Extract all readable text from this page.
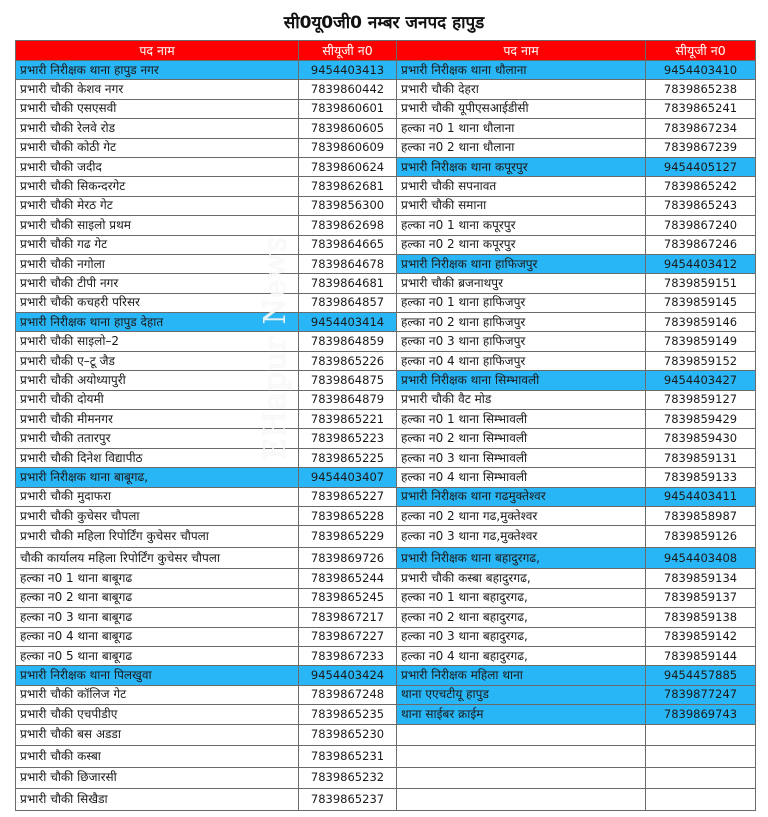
सी0यू0जी0 नम्बर जनपद हापुड
पद नाम	सीयूजी न0	पद नाम	सीयूजी न0
प्रभारी निरीक्षक थाना हापुड नगर	9454403413	प्रभारी निरीक्षक थाना धौलाना	9454403410
प्रभारी चौकी केशव नगर	7839860442	प्रभारी चौकी देहरा	7839865238
प्रभारी चौकी एसएसवी	7839860601	प्रभारी चौकी यूपीएसआईडीसी	7839865241
प्रभारी चौकी रेलवे रोड	7839860605	हल्का न0 1 थाना धौलाना	7839867234
प्रभारी चौकी कोठी गेट	7839860609	हल्का न0 2 थाना धौलाना	7839867239
प्रभारी चौकी जदीद	7839860624	प्रभारी निरीक्षक थाना कपूरपुर	9454405127
प्रभारी चौकी सिकन्दरगेट	7839862681	प्रभारी चौकी सपनावत	7839865242
प्रभारी चौकी मेरठ गेट	7839856300	प्रभारी चौकी समाना	7839865243
प्रभारी चौकी साइलो प्रथम	7839862698	हल्का न0 1 थाना कपूरपुर	7839867240
प्रभारी चौकी गढ गेट	7839864665	हल्का न0 2 थाना कपूरपुर	7839867246
प्रभारी चौकी नगोला	7839864678	प्रभारी निरीक्षक थाना हाफिजपुर	9454403412
प्रभारी चौकी टीपी नगर	7839864681	प्रभारी चौकी ब्रजनाथपुर	7839859151
प्रभारी चौकी कचहरी परिसर	7839864857	हल्का न0 1 थाना हाफिजपुर	7839859145
प्रभारी निरीक्षक थाना हापुड देहात	9454403414	हल्का न0 2 थाना हाफिजपुर	7839859146
प्रभारी चौकी साइलो–2	7839864859	हल्का न0 3 थाना हाफिजपुर	7839859149
प्रभारी चौकी ए–टू जैड	7839865226	हल्का न0 4 थाना हाफिजपुर	7839859152
प्रभारी चौकी अयोध्यापुरी	7839864875	प्रभारी निरीक्षक थाना सिम्भावली	9454403427
प्रभारी चौकी दोयमी	7839864879	प्रभारी चौकी वैट मोड	7839859127
प्रभारी चौकी मीमनगर	7839865221	हल्का न0 1 थाना सिम्भावली	7839859429
प्रभारी चौकी ततारपुर	7839865223	हल्का न0 2 थाना सिम्भावली	7839859430
प्रभारी चौकी दिनेश विद्यापीठ	7839865225	हल्का न0 3 थाना सिम्भावली	7839859131
प्रभारी निरीक्षक थाना बाबूगढ,	9454403407	हल्का न0 4 थाना सिम्भावली	7839859133
प्रभारी चौकी मुदाफरा	7839865227	प्रभारी निरीक्षक थाना गढमुक्तेश्वर	9454403411
प्रभारी चौकी कुचेसर चौपला	7839865228	हल्का न0 2 थाना गढ,मुक्तेश्वर	7839858987
प्रभारी चौकी महिला रिपोर्टिंग कुचेसर चौपला	7839865229	हल्का न0 3 थाना गढ,मुक्तेश्वर	7839859126
चौकी कार्यालय महिला रिपोर्टिंग कुचेसर चौपला	7839869726	प्रभारी निरीक्षक थाना बहादुरगढ,	9454403408
हल्का न0 1 थाना बाबूगढ	7839865244	प्रभारी चौकी कस्बा बहादुरगढ,	7839859134
हल्का न0 2 थाना बाबूगढ	7839865245	हल्का न0 1 थाना बहादुरगढ,	7839859137
हल्का न0 3 थाना बाबूगढ	7839867217	हल्का न0 2 थाना बहादुरगढ,	7839859138
हल्का न0 4 थाना बाबूगढ	7839867227	हल्का न0 3 थाना बहादुरगढ,	7839859142
हल्का न0 5 थाना बाबूगढ	7839867233	हल्का न0 4 थाना बहादुरगढ,	7839859144
प्रभारी निरीक्षक थाना पिलखुवा	9454403424	प्रभारी निरीक्षक महिला थाना	9454457885
प्रभारी चौकी कॉलिज गेट	7839867248	थाना एएचटीयू हापुड	7839877247
प्रभारी चौकी एचपीडीए	7839865235	थाना साईबर क्राईम	7839869743
प्रभारी चौकी बस अडडा	7839865230		
प्रभारी चौकी कस्बा	7839865231		
प्रभारी चौकी छिजारसी	7839865232		
प्रभारी चौकी सिखैडा	7839865237		
EHapur News
